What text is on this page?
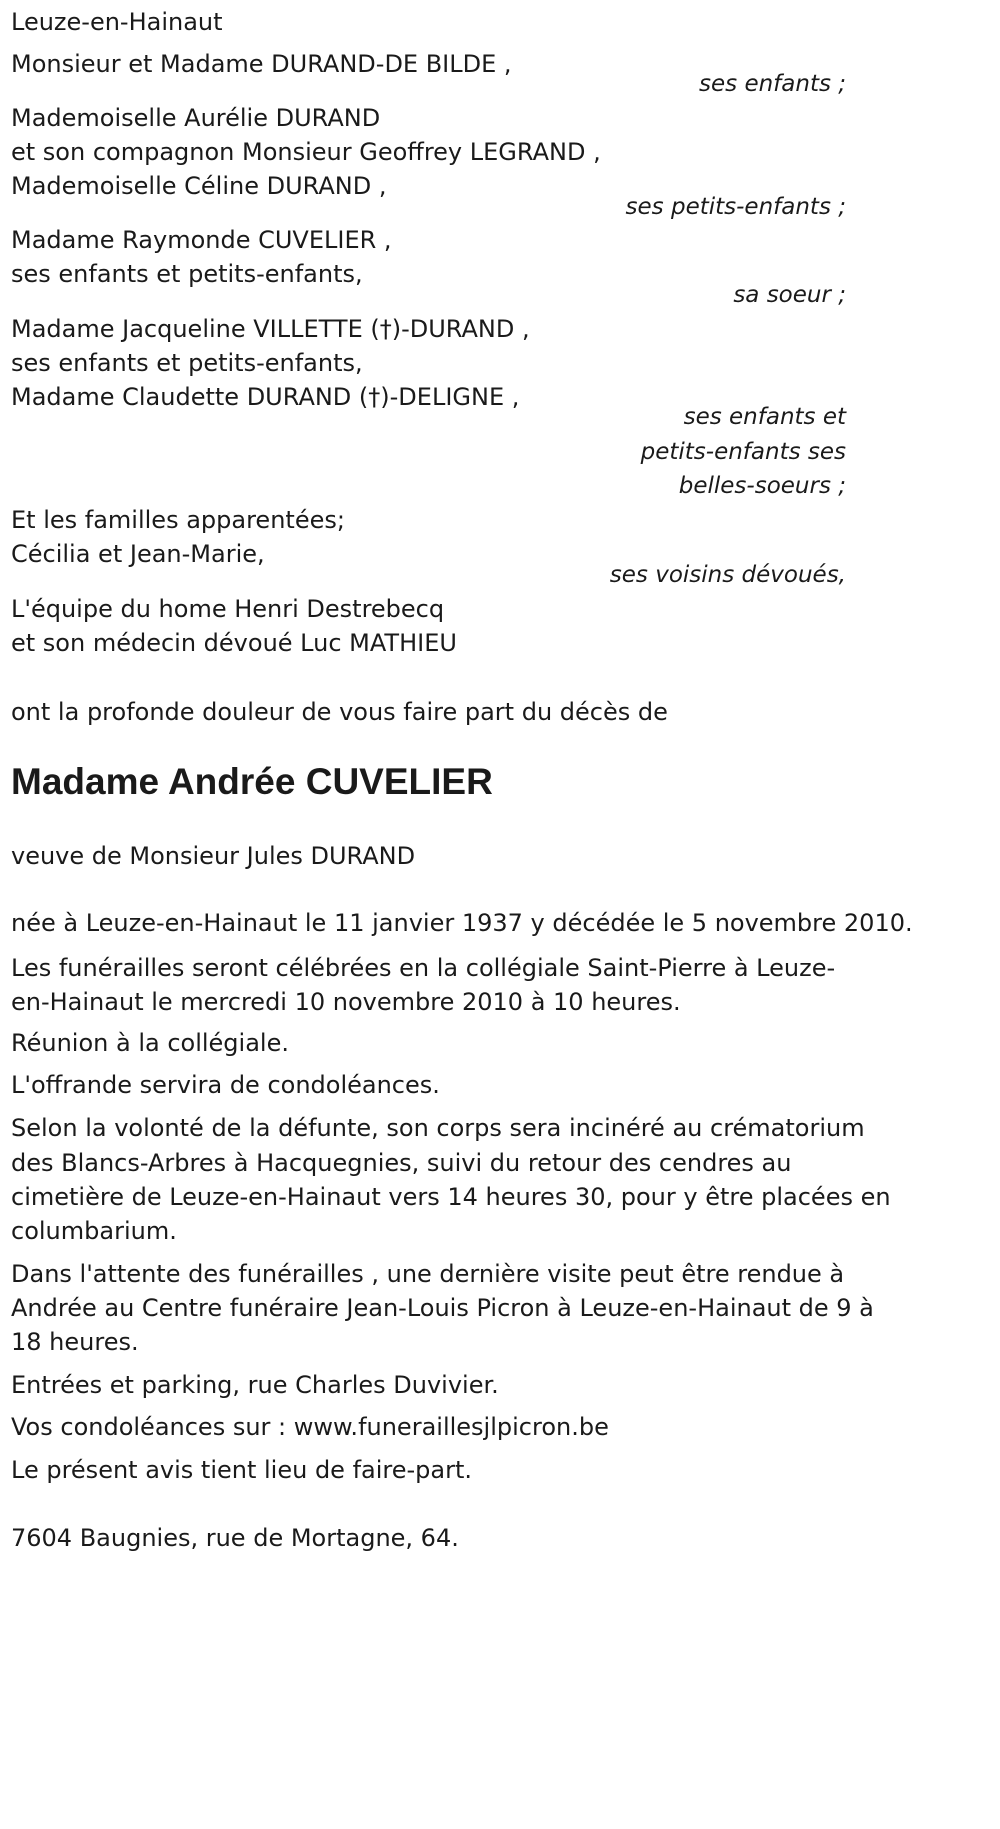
Leuze-en-Hainaut
Monsieur et Madame DURAND-DE BILDE ,
ses enfants ;
Mademoiselle Aurélie DURAND
et son compagnon Monsieur Geoffrey LEGRAND ,
Mademoiselle Céline DURAND ,
ses petits-enfants ;
Madame Raymonde CUVELIER ,
ses enfants et petits-enfants,
sa soeur ;
Madame Jacqueline VILLETTE (†)-DURAND ,
ses enfants et petits-enfants,
Madame Claudette DURAND (†)-DELIGNE ,
ses enfants et
petits-enfants ses
belles-soeurs ;
Et les familles apparentées;
Cécilia et Jean-Marie,
ses voisins dévoués,
L'équipe du home Henri Destrebecq
et son médecin dévoué Luc MATHIEU
ont la profonde douleur de vous faire part du décès de
Madame Andrée CUVELIER
veuve de Monsieur Jules DURAND
née à Leuze-en-Hainaut le 11 janvier 1937 y décédée le 5 novembre 2010.
Les funérailles seront célébrées en la collégiale Saint-Pierre à Leuze-
en-Hainaut le mercredi 10 novembre 2010 à 10 heures.
Réunion à la collégiale.
L'offrande servira de condoléances.
Selon la volonté de la défunte, son corps sera incinéré au crématorium
des Blancs-Arbres à Hacquegnies, suivi du retour des cendres au
cimetière de Leuze-en-Hainaut vers 14 heures 30, pour y être placées en
columbarium.
Dans l'attente des funérailles , une dernière visite peut être rendue à
Andrée au Centre funéraire Jean-Louis Picron à Leuze-en-Hainaut de 9 à
18 heures.
Entrées et parking, rue Charles Duvivier.
Vos condoléances sur : www.funeraillesjlpicron.be
Le présent avis tient lieu de faire-part.
7604 Baugnies, rue de Mortagne, 64.
